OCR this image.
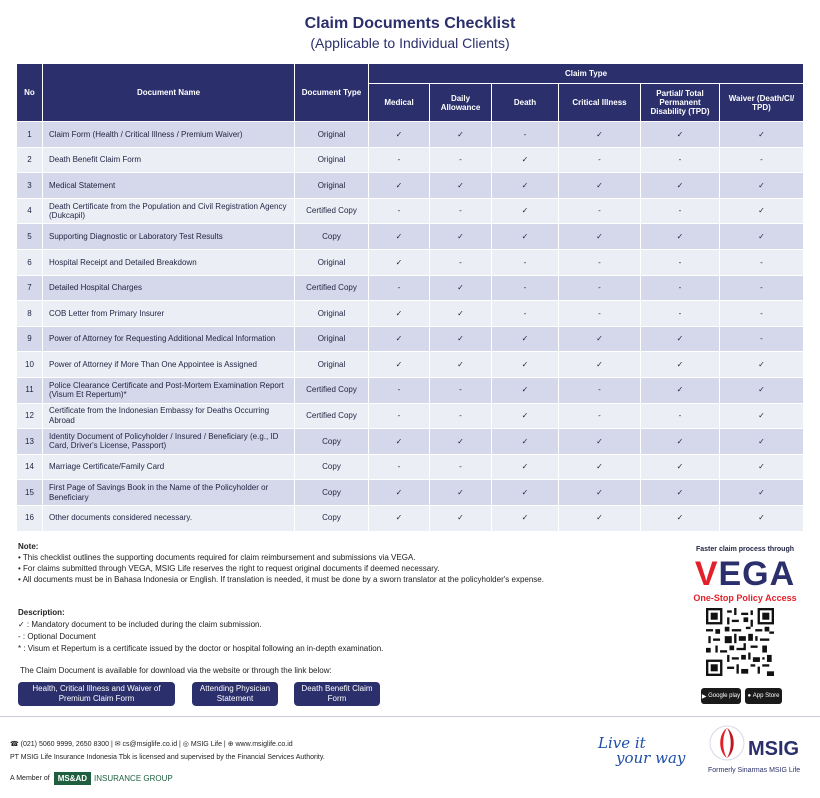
Claim Documents Checklist
(Applicable to Individual Clients)
No	Document Name	Document Type	Claim Type					
			Medical	Daily Allowance	Death	Critical Illness	Partial/ Total Permanent Disability (TPD)	Waiver (Death/CI/ TPD)
1	Claim Form (Health / Critical Illness / Premium Waiver)	Original	✓	✓	-	✓	✓	✓
2	Death Benefit Claim Form	Original	-	-	✓	-	-	-
3	Medical Statement	Original	✓	✓	✓	✓	✓	✓
4	Death Certificate from the Population and Civil Registration Agency (Dukcapil)	Certified Copy	-	-	✓	-	-	✓
5	Supporting Diagnostic or Laboratory Test Results	Copy	✓	✓	✓	✓	✓	✓
6	Hospital Receipt and Detailed Breakdown	Original	✓	-	-	-	-	-
7	Detailed Hospital Charges	Certified Copy	-	✓	-	-	-	-
8	COB Letter from Primary Insurer	Original	✓	✓	-	-	-	-
9	Power of Attorney for Requesting Additional Medical Information	Original	✓	✓	✓	✓	✓	-
10	Power of Attorney if More Than One Appointee is Assigned	Original	✓	✓	✓	✓	✓	✓
11	Police Clearance Certificate and Post-Mortem Examination Report (Visum Et Repertum)*	Certified Copy	-	-	✓	-	✓	✓
12	Certificate from the Indonesian Embassy for Deaths Occurring Abroad	Certified Copy	-	-	✓	-	-	✓
13	Identity Document of Policyholder / Insured / Beneficiary (e.g., ID Card, Driver's License, Passport)	Copy	✓	✓	✓	✓	✓	✓
14	Marriage Certificate/Family Card	Copy	-	-	✓	✓	✓	✓
15	First Page of Savings Book in the Name of the Policyholder or Beneficiary	Copy	✓	✓	✓	✓	✓	✓
16	Other documents considered necessary.	Copy	✓	✓	✓	✓	✓	✓
Note:
• This checklist outlines the supporting documents required for claim reimbursement and submissions via VEGA.
• For claims submitted through VEGA, MSIG Life reserves the right to request original documents if deemed necessary.
• All documents must be in Bahasa Indonesia or English. If translation is needed, it must be done by a sworn translator at the policyholder's expense.
Description:
✓ : Mandatory document to be included during the claim submission.
- : Optional Document
* : Visum et Repertum is a certificate issued by the doctor or hospital following an in-depth examination.
The Claim Document is available for download via the website or through the link below:
Health, Critical Illness and Waiver of Premium Claim Form
Attending Physician Statement
Death Benefit Claim Form
Faster claim process through
VEGA
One-Stop Policy Access
▶ Google play ● App Store
☎ (021) 5060 9999, 2650 8300 | ✉ cs@msiglife.co.id | ◎ MSIG Life | ⊕ www.msiglife.co.id
PT MSIG Life Insurance Indonesia Tbk is licensed and supervised by the Financial Services Authority.
A Member of	MS&AD INSURANCE GROUP
Live it
your way	MSIG
Formerly Sinarmas MSIG Life
